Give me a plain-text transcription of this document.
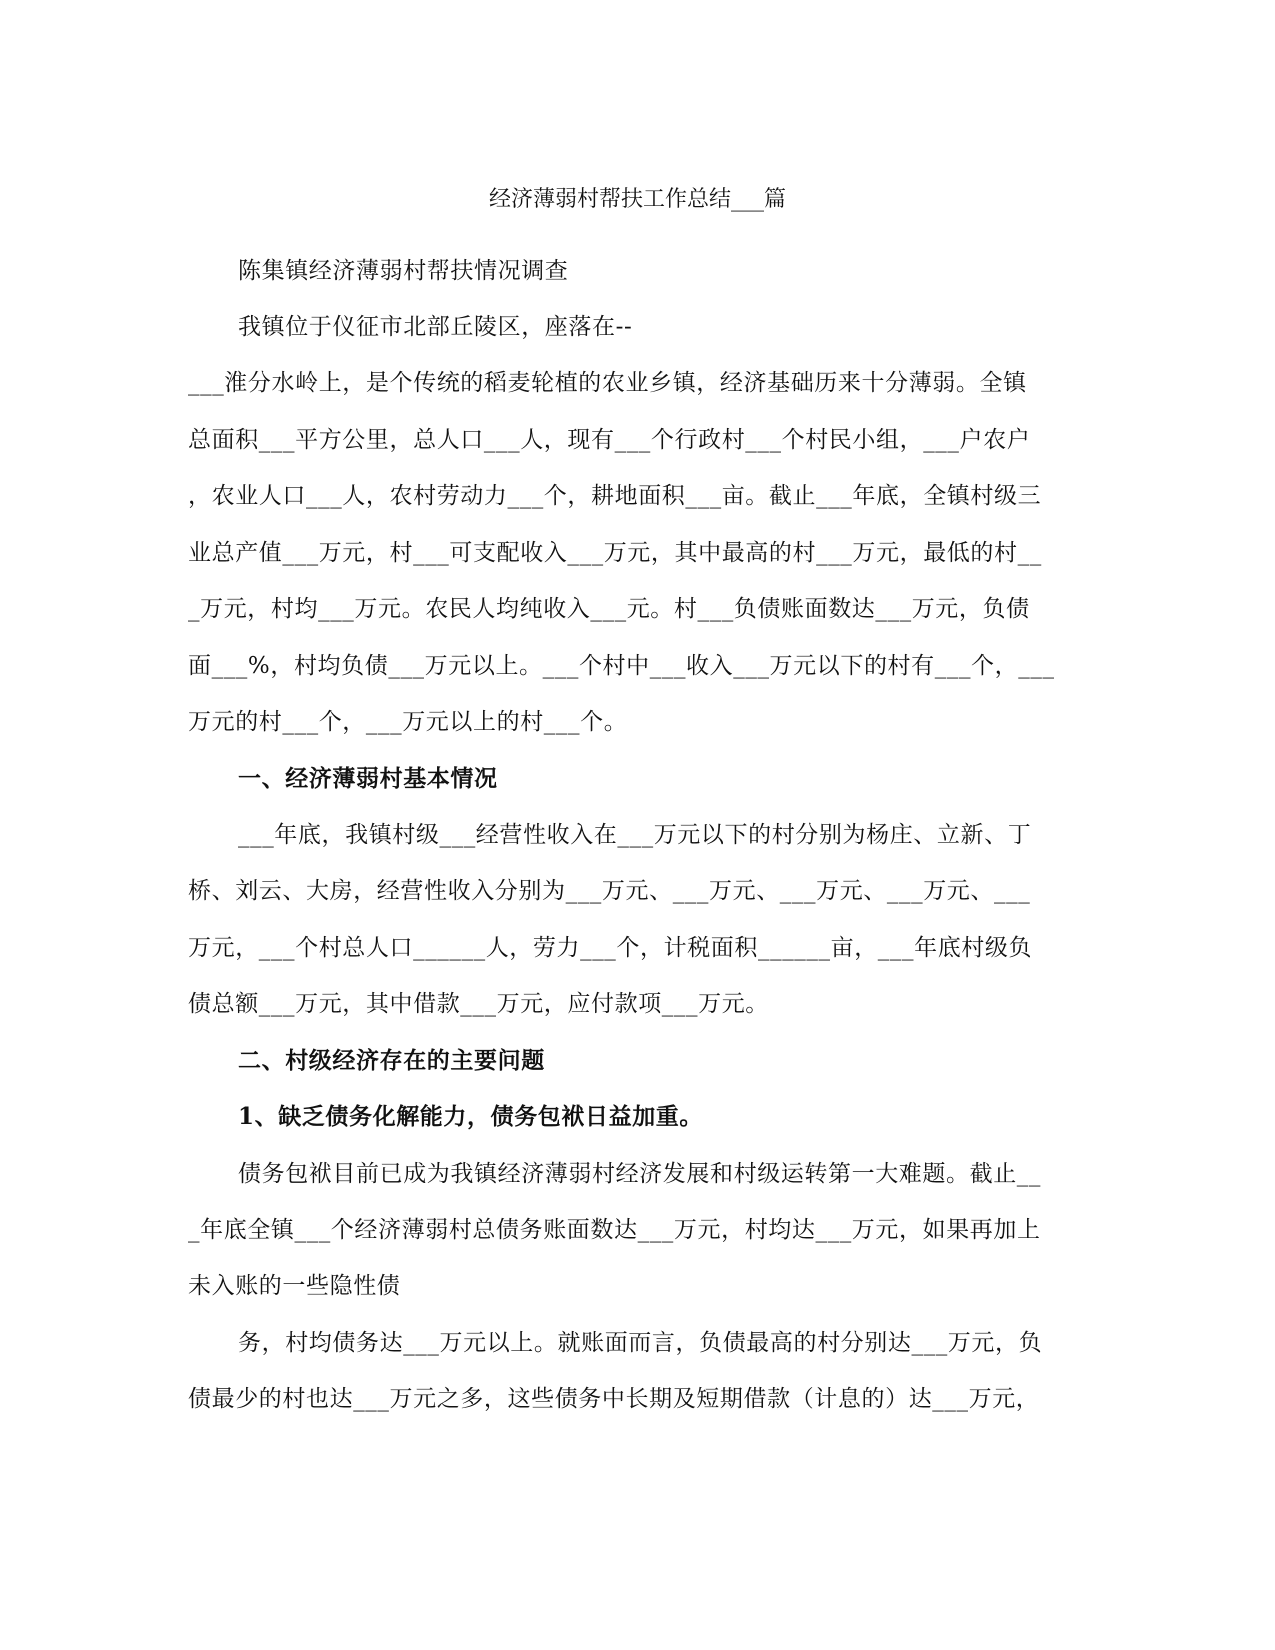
经济薄弱村帮扶工作总结___篇
陈集镇经济薄弱村帮扶情况调查
我镇位于仪征市北部丘陵区，座落在--
___淮分水岭上，是个传统的稻麦轮植的农业乡镇，经济基础历来十分薄弱。全镇
总面积___平方公里，总人口___人，现有___个行政村___个村民小组，___户农户
，农业人口___人，农村劳动力___个，耕地面积___亩。截止___年底，全镇村级三
业总产值___万元，村___可支配收入___万元，其中最高的村___万元，最低的村__
_万元，村均___万元。农民人均纯收入___元。村___负债账面数达___万元，负债
面___%，村均负债___万元以上。___个村中___收入___万元以下的村有___个，___
万元的村___个，___万元以上的村___个。
一、经济薄弱村基本情况
___年底，我镇村级___经营性收入在___万元以下的村分别为杨庄、立新、丁
桥、刘云、大房，经营性收入分别为___万元、___万元、___万元、___万元、___
万元，___个村总人口______人，劳力___个，计税面积______亩，___年底村级负
债总额___万元，其中借款___万元，应付款项___万元。
二、村级经济存在的主要问题
1、缺乏债务化解能力，债务包袱日益加重。
债务包袱目前已成为我镇经济薄弱村经济发展和村级运转第一大难题。截止__
_年底全镇___个经济薄弱村总债务账面数达___万元，村均达___万元，如果再加上
未入账的一些隐性债
务，村均债务达___万元以上。就账面而言，负债最高的村分别达___万元，负
债最少的村也达___万元之多，这些债务中长期及短期借款（计息的）达___万元，
